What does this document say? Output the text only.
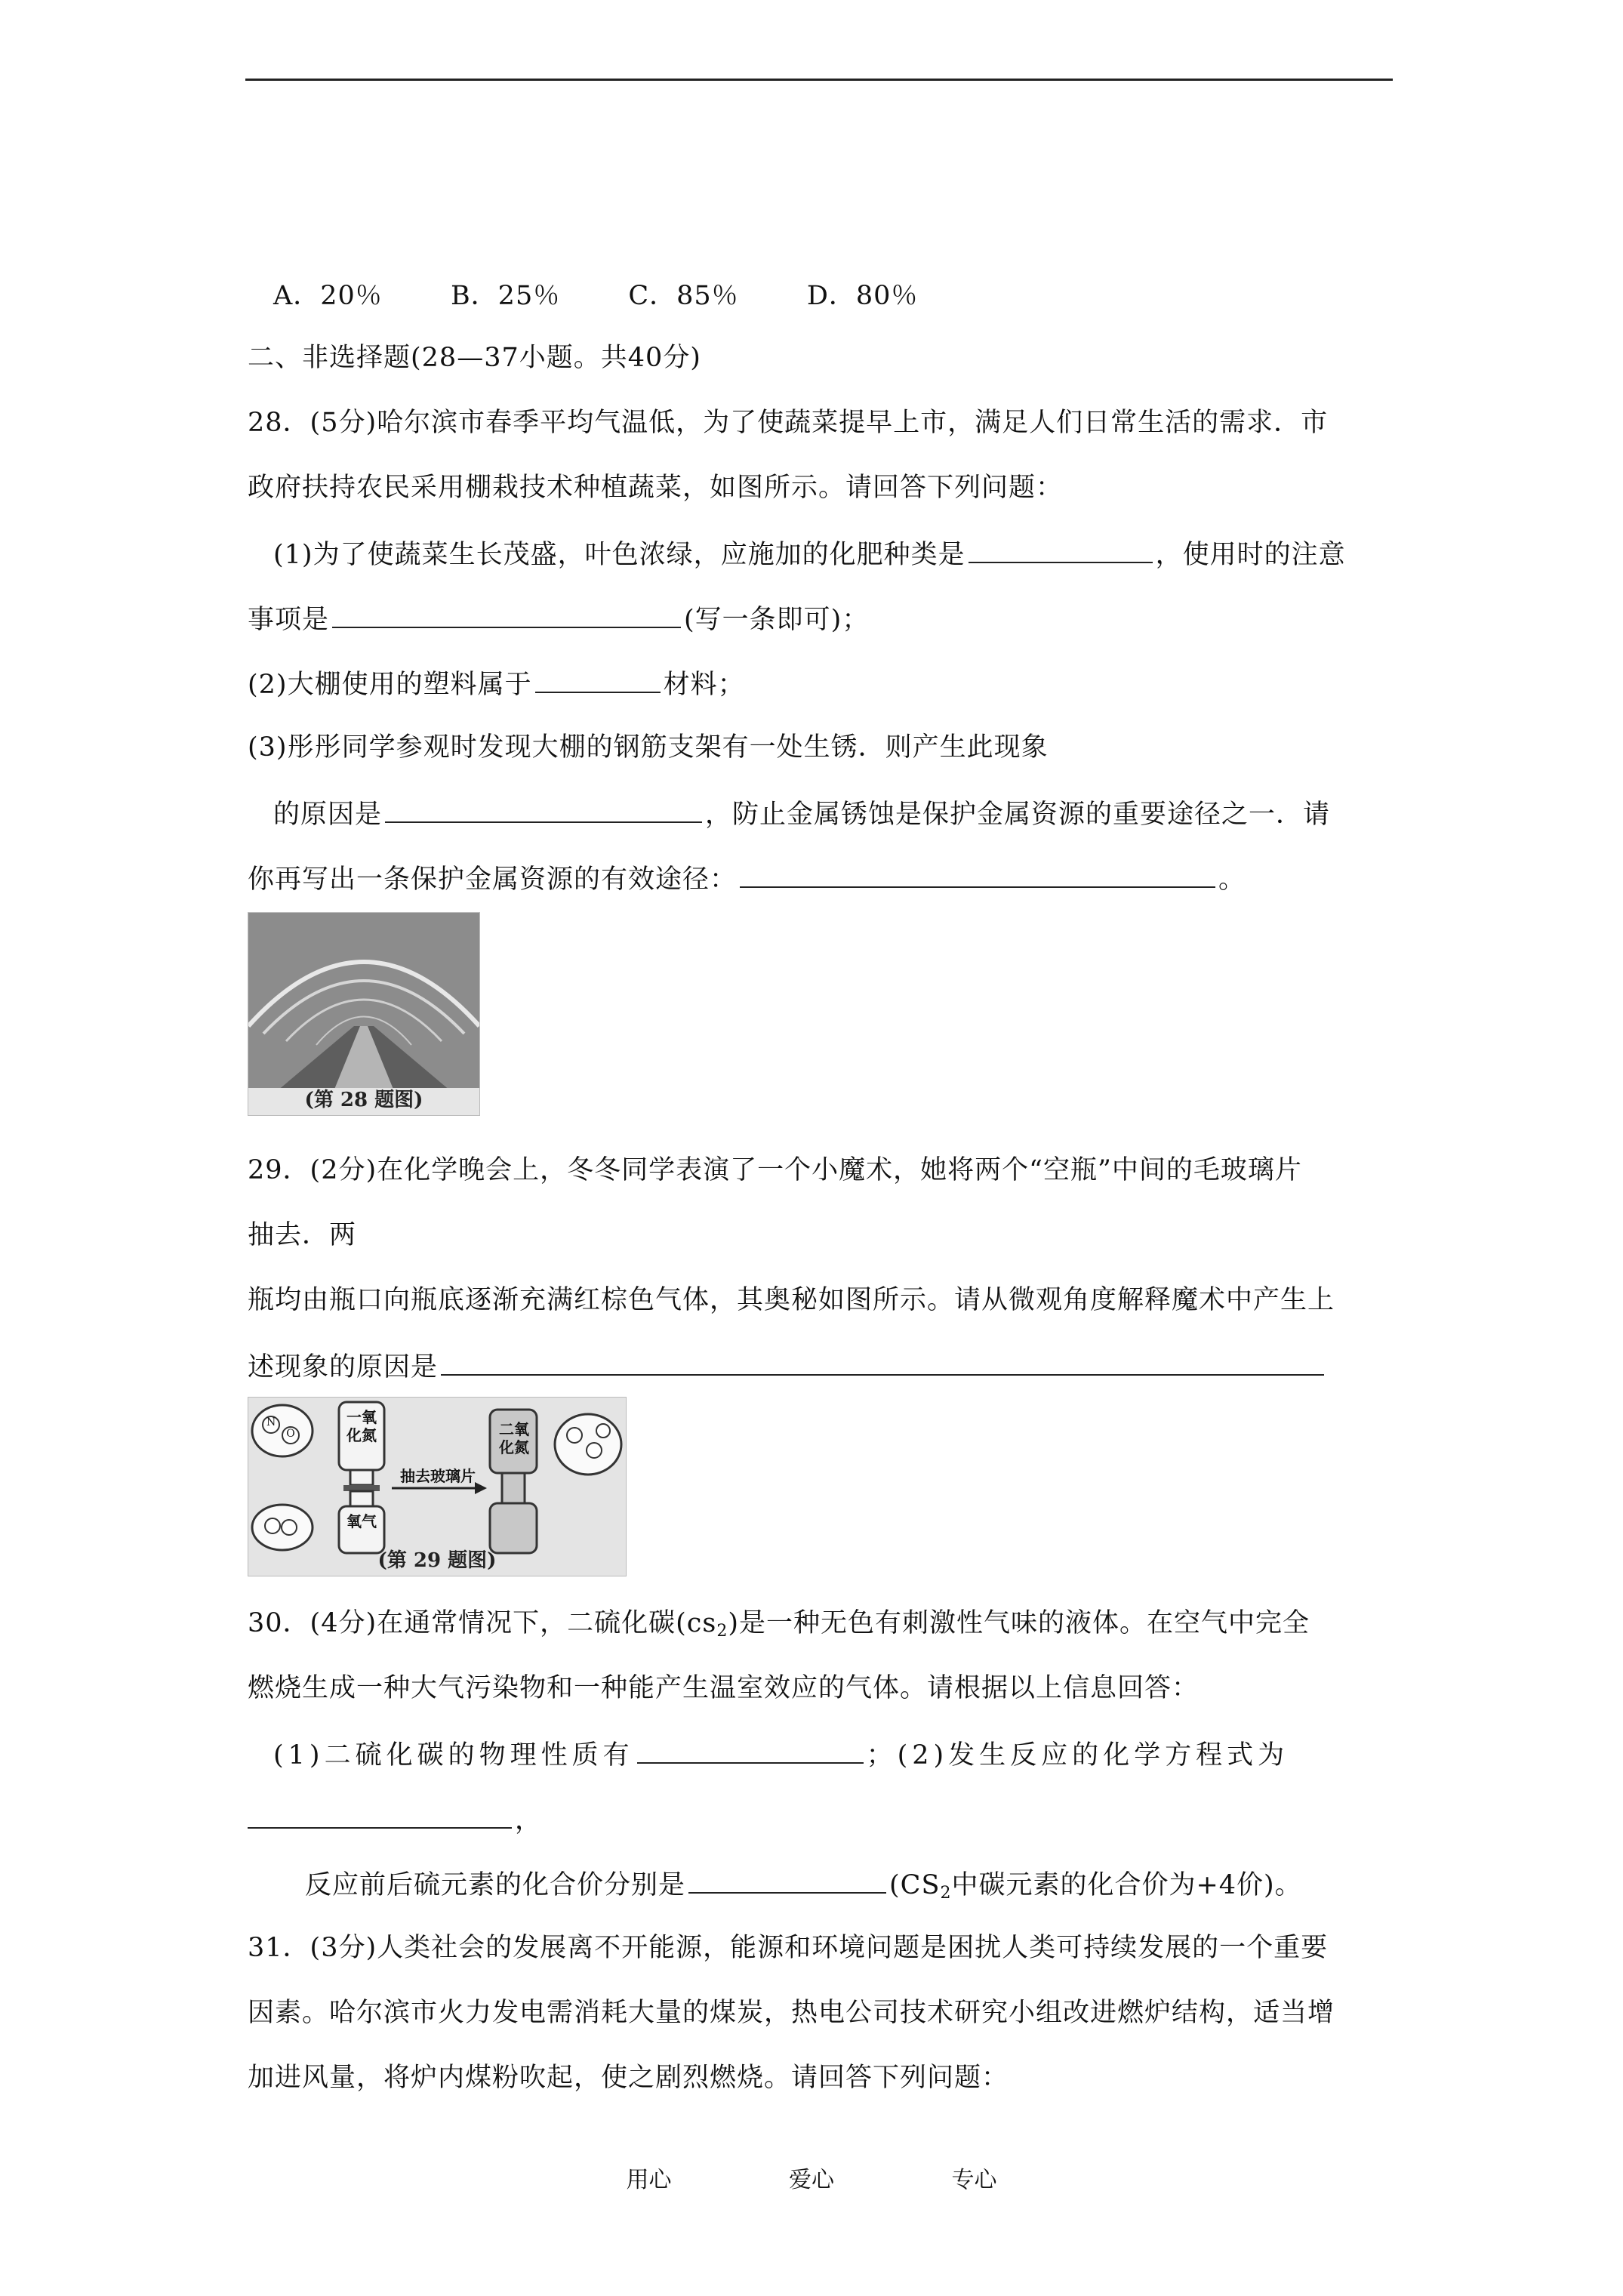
A．20％	B．25％	C．85％	D．80％
二、非选择题(28—37小题。共40分)
28．(5分)哈尔滨市春季平均气温低，为了使蔬菜提早上市，满足人们日常生活的需求．市
政府扶持农民采用棚栽技术种植蔬菜，如图所示。请回答下列问题：
(1)为了使蔬菜生长茂盛，叶色浓绿，应施加的化肥种类是	，使用时的注意
事项是	(写一条即可)；
(2)大棚使用的塑料属于	材料；
(3)彤彤同学参观时发现大棚的钢筋支架有一处生锈．则产生此现象
的原因是	，防止金属锈蚀是保护金属资源的重要途径之一．请
你再写出一条保护金属资源的有效途径：	。
(第 28 题图)
29．(2分)在化学晚会上，冬冬同学表演了一个小魔术，她将两个“空瓶”中间的毛玻璃片
抽去．两
瓶均由瓶口向瓶底逐渐充满红棕色气体，其奥秘如图所示。请从微观角度解释魔术中产生上
述现象的原因是
一氧化氮
氧气
二氧化氮
抽去玻璃片
N
O
(第 29 题图)
30．(4分)在通常情况下，二硫化碳$(cs_2)$是一种无色有刺激性气味的液体。在空气中完全
燃烧生成一种大气污染物和一种能产生温室效应的气体。请根据以上信息回答：
(1)二硫化碳的物理性质有	；(2)发生反应的化学方程式为
，
反应前后硫元素的化合价分别是	($CS_2$中碳元素的化合价为+4价)。
31．(3分)人类社会的发展离不开能源，能源和环境问题是困扰人类可持续发展的一个重要
因素。哈尔滨市火力发电需消耗大量的煤炭，热电公司技术研究小组改进燃炉结构，适当增
加进风量，将炉内煤粉吹起，使之剧烈燃烧。请回答下列问题：
用心	爱心	专心
